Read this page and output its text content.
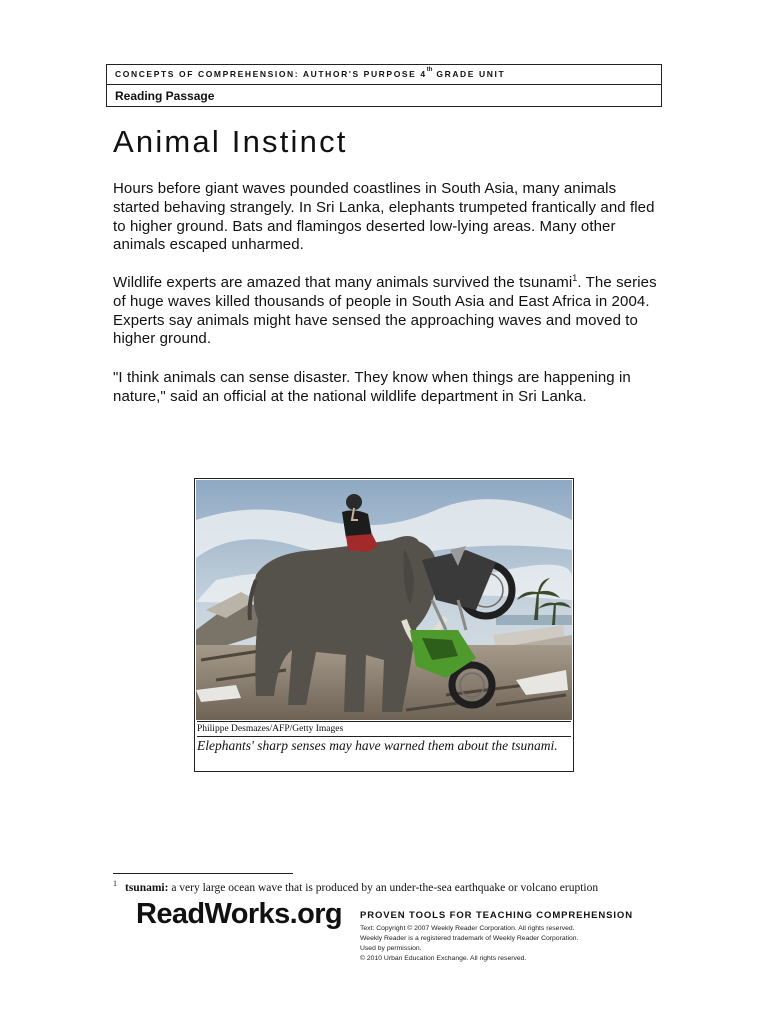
CONCEPTS OF COMPREHENSION: AUTHOR'S PURPOSE 4th GRADE UNIT
Reading Passage
Animal Instinct

Hours before giant waves pounded coastlines in South Asia, many animals started behaving strangely. In Sri Lanka, elephants trumpeted frantically and fled to higher ground. Bats and flamingos deserted low-lying areas. Many other animals escaped unharmed.

Wildlife experts are amazed that many animals survived the tsunami$^1$. The series of huge waves killed thousands of people in South Asia and East Africa in 2004. Experts say animals might have sensed the approaching waves and moved to higher ground.

"I think animals can sense disaster. They know when things are happening in nature," said an official at the national wildlife department in Sri Lanka.

Philippe Desmazes/AFP/Getty Images
Elephants' sharp senses may have warned them about the tsunami.
$^1$ tsunami: a very large ocean wave that is produced by an under-the-sea earthquake or volcano eruption
ReadWorks.org PROVEN TOOLS FOR TEACHING COMPREHENSION
Text: Copyright © 2007 Weekly Reader Corporation. All rights reserved.
Weekly Reader is a registered trademark of Weekly Reader Corporation.
Used by permission.
© 2010 Urban Education Exchange. All rights reserved.
